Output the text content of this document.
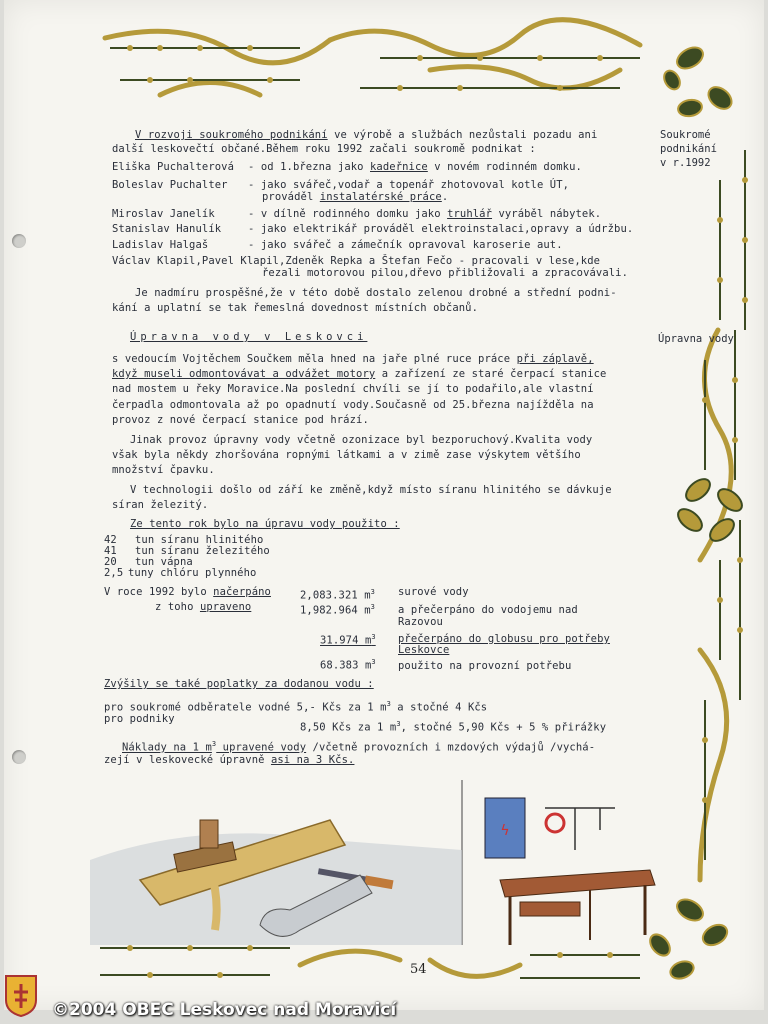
ϟ
Soukromé
podnikání
v r.1992
Úpravna vody
V rozvoji soukromého podnikání ve výrobě a službách nezůstali pozadu ani
další leskovečtí občané.Během roku 1992 začali soukromě podnikat :
Eliška Puchalterová - od 1.března jako kadeřnice v novém rodinném domku.
Boleslav Puchalter - jako svářeč,vodař a topenář zhotovoval kotle ÚT,
prováděl instalatérské práce.
Miroslav Janelík	- v dílně rodinného domku jako truhlář vyráběl nábytek.
Stanislav Hanulík	- jako elektrikář prováděl elektroinstalaci,opravy a údržbu.
Ladislav Halgaš	- jako svářeč a zámečník opravoval karoserie aut.
Václav Klapil,Pavel Klapil,Zdeněk Repka a Štefan Fečo - pracovali v lese,kde
řezali motorovou pilou,dřevo přibližovali a zpracovávali.
Je nadmíru prospěšné,že v této době dostalo zelenou drobné a střední podni-
kání a uplatní se tak řemeslná dovednost místních občanů.
Úpravna vody v Leskovci
s vedoucím Vojtěchem Součkem měla hned na jaře plné ruce práce při záplavě,
když museli odmontovávat a odvážet motory a zařízení ze staré čerpací stanice
nad mostem u řeky Moravice.Na poslední chvíli se jí to podařilo,ale vlastní
čerpadla odmontovala až po opadnutí vody.Současně od 25.března najížděla na
provoz z nové čerpací stanice pod hrází.
Jinak provoz úpravny vody včetně ozonizace byl bezporuchový.Kvalita vody
však byla někdy zhoršována ropnými látkami a v zimě zase výskytem většího
množství čpavku.
V technologii došlo od září ke změně,když místo síranu hlinitého se dávkuje
síran železitý.
Ze tento rok bylo na úpravu vody použito :
42 tun síranu hlinitého
41 tun síranu železitého
20 tun vápna
2,5 tuny chlóru plynného
V roce 1992 bylo načerpáno	2,083.321 $m^3$ surové vody
z toho upraveno	1,982.964 $m^3$ a přečerpáno do vodojemu nad
Razovou
31.974 $m^3$ přečerpáno do globusu pro potřeby
Leskovce
68.383 $m^3$ použito na provozní potřebu
Zvýšily se také poplatky za dodanou vodu :
pro soukromé odběratele vodné 5,- Kčs za 1 $m^3$ a stočné 4 Kčs
pro podniky
8,50 Kčs za 1 $m^3$, stočné 5,90 Kčs + 5 % přirážky
Náklady na 1 $m^3$ upravené vody /včetně provozních i mzdových výdajů /vychá-
zejí v leskovecké úpravně asi na 3 Kčs.
54
©2004 OBEC Leskovec nad Moravicí
